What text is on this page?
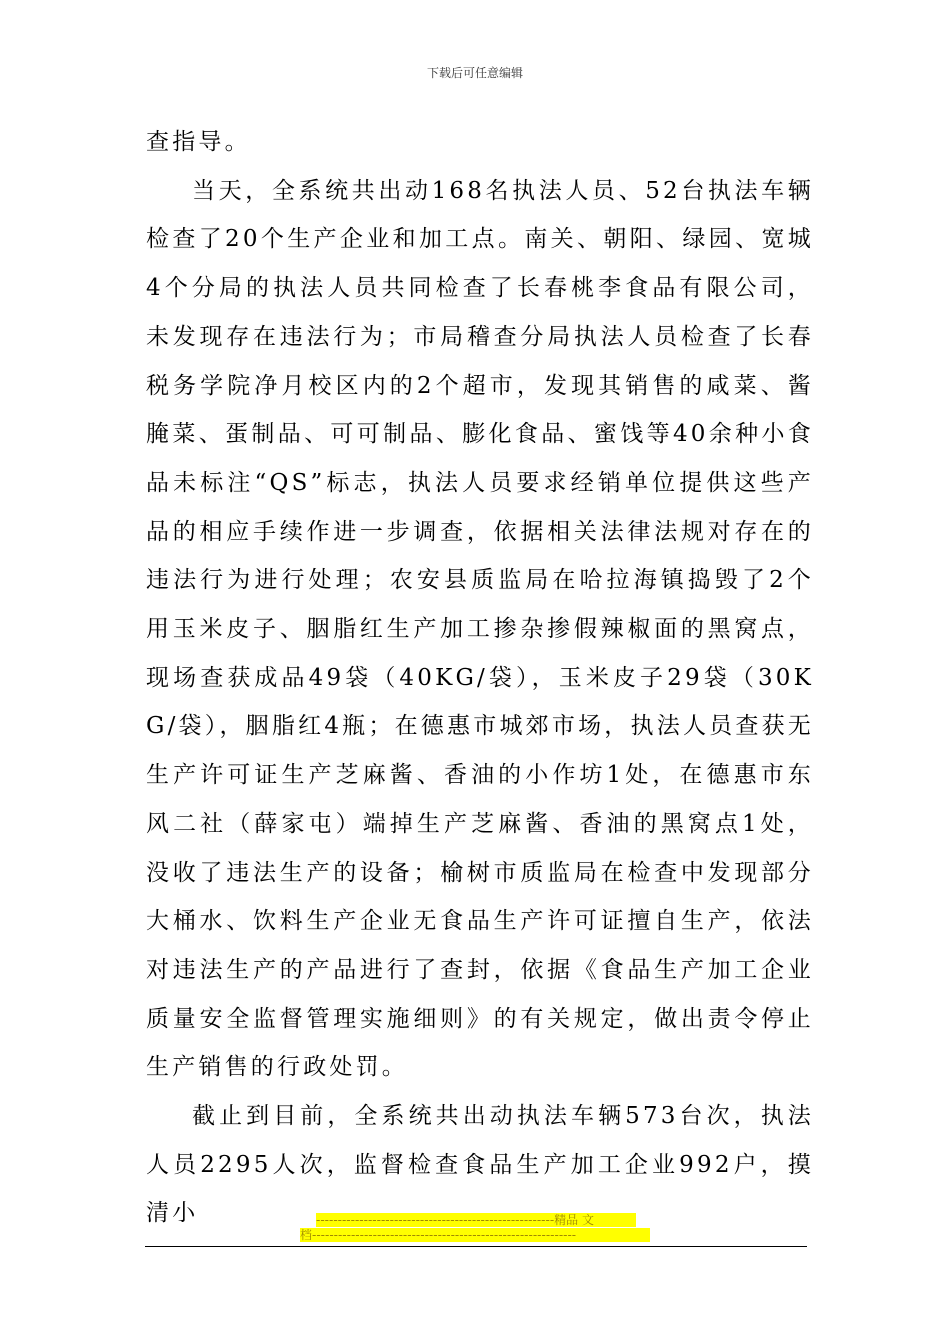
下载后可任意编辑

查指导。

当天，全系统共出动168名执法人员、52台执法车辆检查了20个生产企业和加工点。南关、朝阳、绿园、宽城4个分局的执法人员共同检查了长春桃李食品有限公司，未发现存在违法行为；市局稽查分局执法人员检查了长春税务学院净月校区内的2个超市，发现其销售的咸菜、酱腌菜、蛋制品、可可制品、膨化食品、蜜饯等40余种小食品未标注“QS”标志，执法人员要求经销单位提供这些产品的相应手续作进一步调查，依据相关法律法规对存在的违法行为进行处理；农安县质监局在哈拉海镇捣毁了2个用玉米皮子、胭脂红生产加工掺杂掺假辣椒面的黑窝点，现场查获成品49袋（40KG/袋），玉米皮子29袋（30KG/袋），胭脂红4瓶；在德惠市城郊市场，执法人员查获无生产许可证生产芝麻酱、香油的小作坊1处，在德惠市东风二社（薛家屯）端掉生产芝麻酱、香油的黑窝点1处，没收了违法生产的设备；榆树市质监局在检查中发现部分大桶水、饮料生产企业无食品生产许可证擅自生产，依法对违法生产的产品进行了查封，依据《食品生产加工企业质量安全监督管理实施细则》的有关规定，做出责令停止生产销售的行政处罚。

截止到目前，全系统共出动执法车辆573台次，执法人员2295人次，监督检查食品生产加工企业992户，摸清小	-------------------------------------------------------精品 文
档-------------------------------------------------------------
